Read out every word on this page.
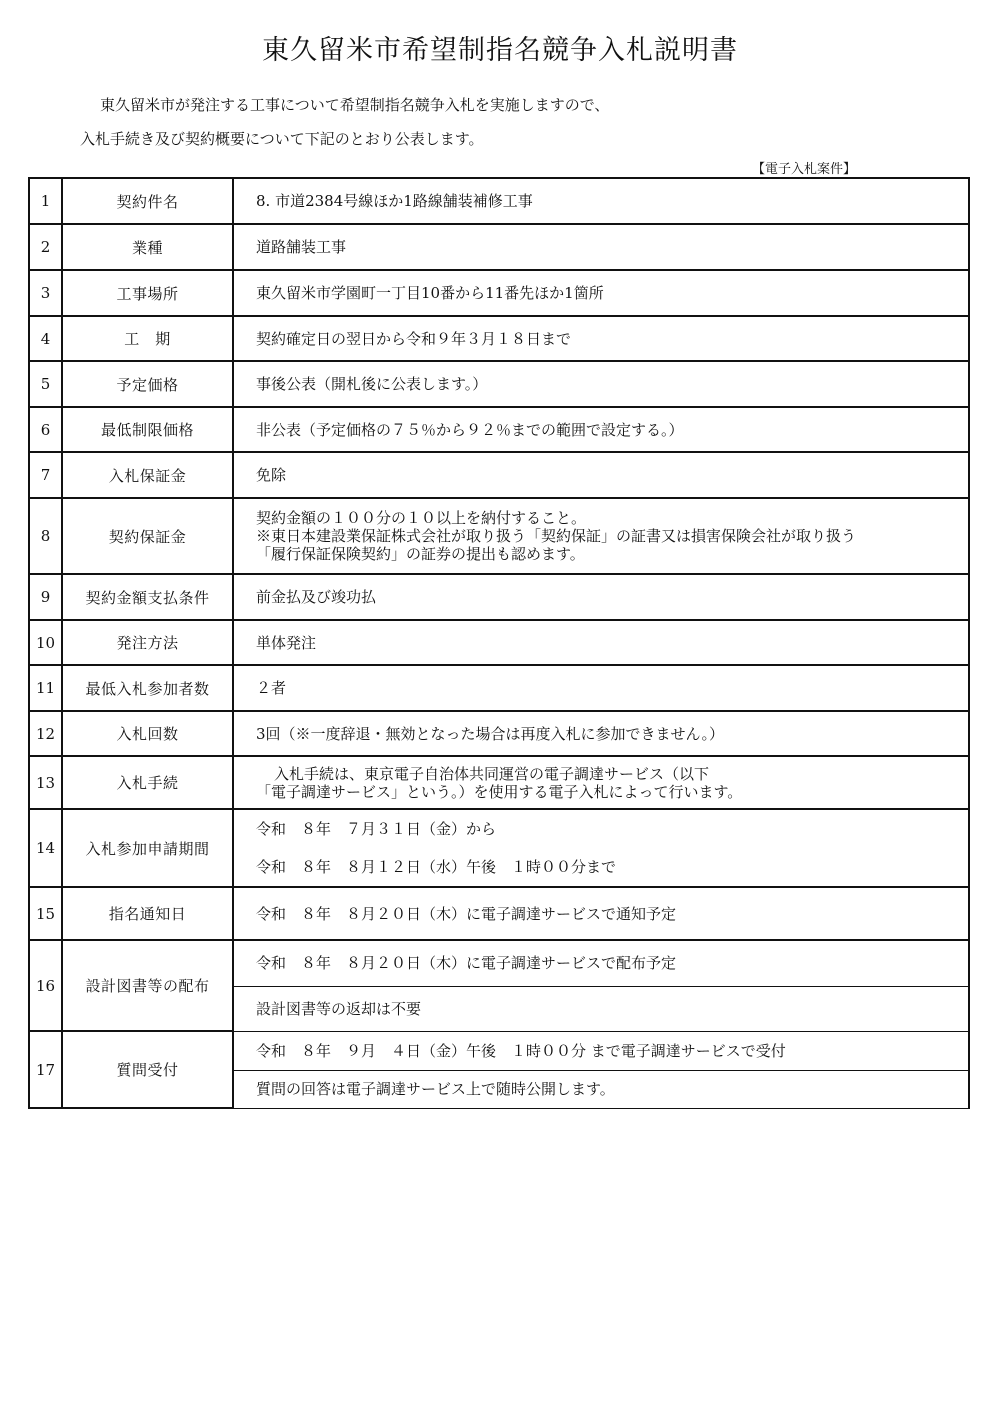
東久留米市希望制指名競争入札説明書
東久留米市が発注する工事について希望制指名競争入札を実施しますので、
入札手続き及び契約概要について下記のとおり公表します。
【電子入札案件】
1	契約件名	8. 市道2384号線ほか1路線舗装補修工事

2	業種	道路舗装工事

3	工事場所	東久留米市学園町一丁目10番から11番先ほか1箇所

4	工　期	契約確定日の翌日から令和９年３月１８日まで

5	予定価格	事後公表（開札後に公表します。）

6	最低制限価格	非公表（予定価格の７５％から９２％までの範囲で設定する。）

7	入札保証金	免除

8	契約保証金	契約金額の１００分の１０以上を納付すること。
※東日本建設業保証株式会社が取り扱う「契約保証」の証書又は損害保険会社が取り扱う
「履行保証保険契約」の証券の提出も認めます。

9	契約金額支払条件	前金払及び竣功払

10	発注方法	単体発注

11	最低入札参加者数	２者

12	入札回数	3回（※一度辞退・無効となった場合は再度入札に参加できません。）

13	入札手続	入札手続は、東京電子自治体共同運営の電子調達サービス（以下
「電子調達サービス」という。）を使用する電子入札によって行います。

14	入札参加申請期間	令和　８年　７月３１日（金）から
令和　８年　８月１２日（水）午後　１時００分まで

15	指名通知日	令和　８年　８月２０日（木）に電子調達サービスで通知予定

16	設計図書等の配布	令和　８年　８月２０日（木）に電子調達サービスで配布予定

		設計図書等の返却は不要

17	質問受付	令和　８年　９月　４日（金）午後　１時００分 まで電子調達サービスで受付

		質問の回答は電子調達サービス上で随時公開します。
